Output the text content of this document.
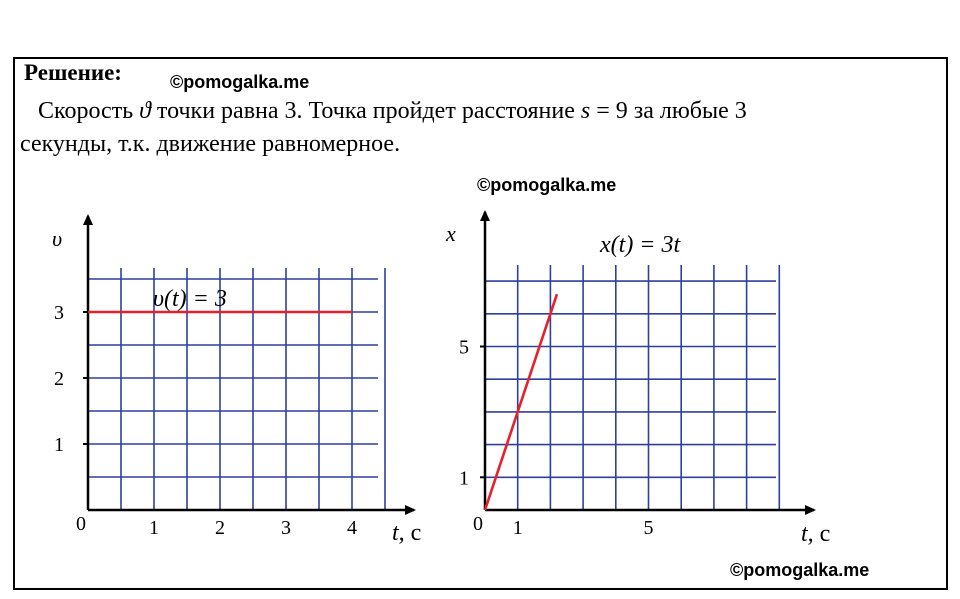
Решение:	©pomogalka.me
©pomogalka.me
©pomogalka.me
Скорость ϑ точки равна 3. Точка пройдет расстояние s = 9 за любые 3
секунды, т.к. движение равномерное.
1	2	3	4
1
2
3
0
υ
t, с
υ(t) = 3
1	5
1
5
0
x
t, с
x(t) = 3t
